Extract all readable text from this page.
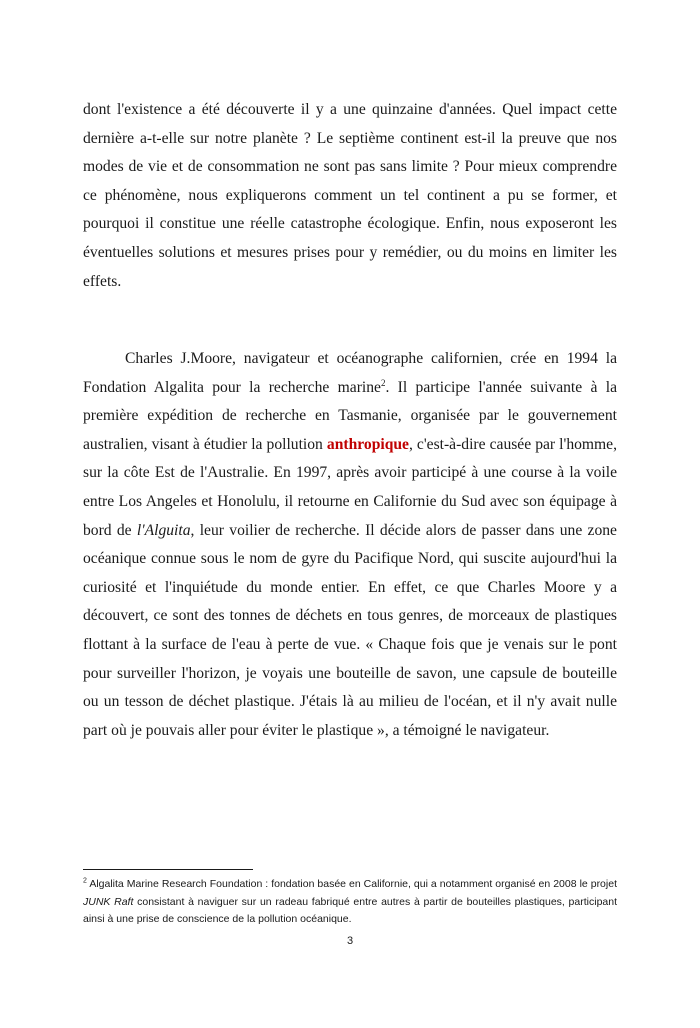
dont l'existence a été découverte il y a une quinzaine d'années. Quel impact cette dernière a-t-elle sur notre planète ? Le septième continent est-il la preuve que nos modes de vie et de consommation ne sont pas sans limite ? Pour mieux comprendre ce phénomène, nous expliquerons comment un tel continent a pu se former, et pourquoi il constitue une réelle catastrophe écologique. Enfin, nous exposeront les éventuelles solutions et mesures prises pour y remédier, ou du moins en limiter les effets.

Charles J.Moore, navigateur et océanographe californien, crée en 1994 la Fondation Algalita pour la recherche marine$^2$. Il participe l'année suivante à la première expédition de recherche en Tasmanie, organisée par le gouvernement australien, visant à étudier la pollution anthropique, c'est-à-dire causée par l'homme, sur la côte Est de l'Australie. En 1997, après avoir participé à une course à la voile entre Los Angeles et Honolulu, il retourne en Californie du Sud avec son équipage à bord de l'Alguita, leur voilier de recherche. Il décide alors de passer dans une zone océanique connue sous le nom de gyre du Pacifique Nord, qui suscite aujourd'hui la curiosité et l'inquiétude du monde entier. En effet, ce que Charles Moore y a découvert, ce sont des tonnes de déchets en tous genres, de morceaux de plastiques flottant à la surface de l'eau à perte de vue. « Chaque fois que je venais sur le pont pour surveiller l'horizon, je voyais une bouteille de savon, une capsule de bouteille ou un tesson de déchet plastique. J'étais là au milieu de l'océan, et il n'y avait nulle part où je pouvais aller pour éviter le plastique », a témoigné le navigateur.

$^2$ Algalita Marine Research Foundation : fondation basée en Californie, qui a notamment organisé en 2008 le projet JUNK Raft consistant à naviguer sur un radeau fabriqué entre autres à partir de bouteilles plastiques, participant ainsi à une prise de conscience de la pollution océanique.

3
